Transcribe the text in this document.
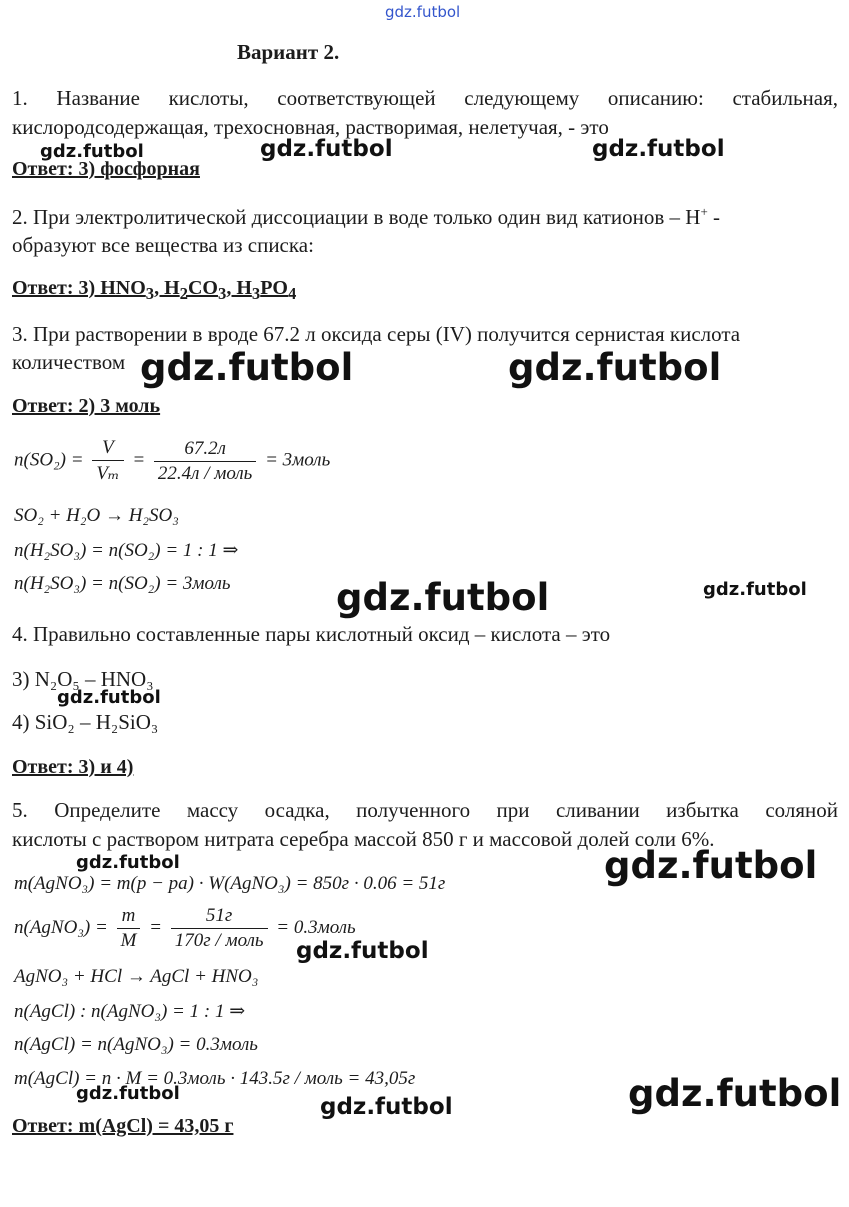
gdz.futbol
Вариант 2.
1. Название кислоты, соответствующей следующему описанию: стабильная,
кислородсодержащая, трехосновная, растворимая, нелетучая, - это
Ответ: 3) фосфорная
2. При электролитической диссоциации в воде только один вид катионов – H+ -
образуют все вещества из списка:
Ответ: 3) $HNO_3$, $H_2CO_3$, $H_3PO_4$
3. При растворении в вроде 67.2 л оксида серы (IV) получится сернистая кислота
количеством
Ответ: 2) 3 моль
$n(SO_2) = \frac{V}{\text{Vₘ}} = \frac{67.2л}{\text{22.4л / моль}}$ = 3моль
SO₂ + H₂O → H₂SO₃
n(H₂SO₃) = n(SO₂) = 1 : 1 ⇒
n(H₂SO₃) = n(SO₂) = 3моль
4. Правильно составленные пары кислотный оксид – кислота – это
3) N₂O₅ – HNO₃
4) SiO₂ – H₂SiO₃
Ответ: 3) и 4)
5. Определите массу осадка, полученного при сливании избытка соляной
кислоты с раствором нитрата серебра массой 850 г и массовой долей соли 6%.
m(AgNO₃) = m(р − ра) · W(AgNO₃) = 850г · 0.06 = 51г
n(AgNO₃) = $\frac{m}{M} = \frac{51г}{\text{170г / моль}}$ = 0.3моль
AgNO₃ + HCl → AgCl + HNO₃
n(AgCl) : n(AgNO₃) = 1 : 1 ⇒
n(AgCl) = n(AgNO₃) = 0.3моль
m(AgCl) = n · M = 0.3моль · 143.5г / моль = 43,05г
Ответ: m(AgCl) = 43,05 г
gdz.futbol	gdz.futbol	gdz.futbol
gdz.futbol	gdz.futbol
gdz.futbol	gdz.futbol
gdz.futbol
gdz.futbol	gdz.futbol
gdz.futbol
gdz.futbol
gdz.futbol	gdz.futbol
